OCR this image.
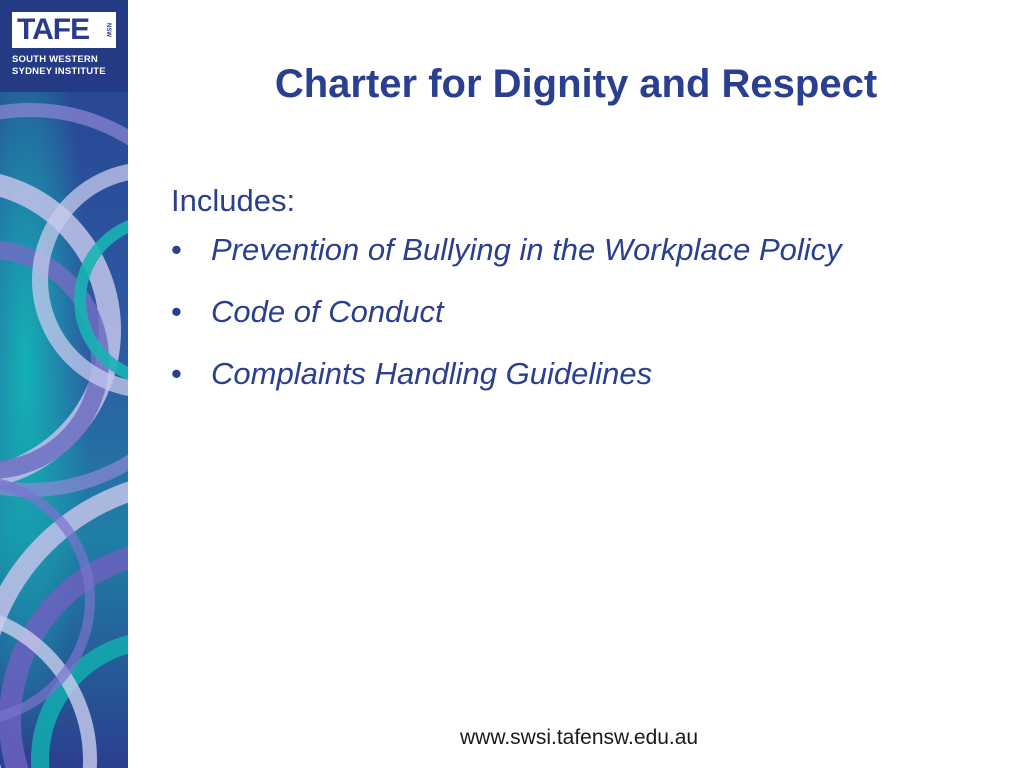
TAFE	NSW
SOUTH WESTERN
SYDNEY INSTITUTE	Charter for Dignity and Respect
Includes:
• Prevention of Bullying in the Workplace Policy
• Code of Conduct
• Complaints Handling Guidelines
www.swsi.tafensw.edu.au
